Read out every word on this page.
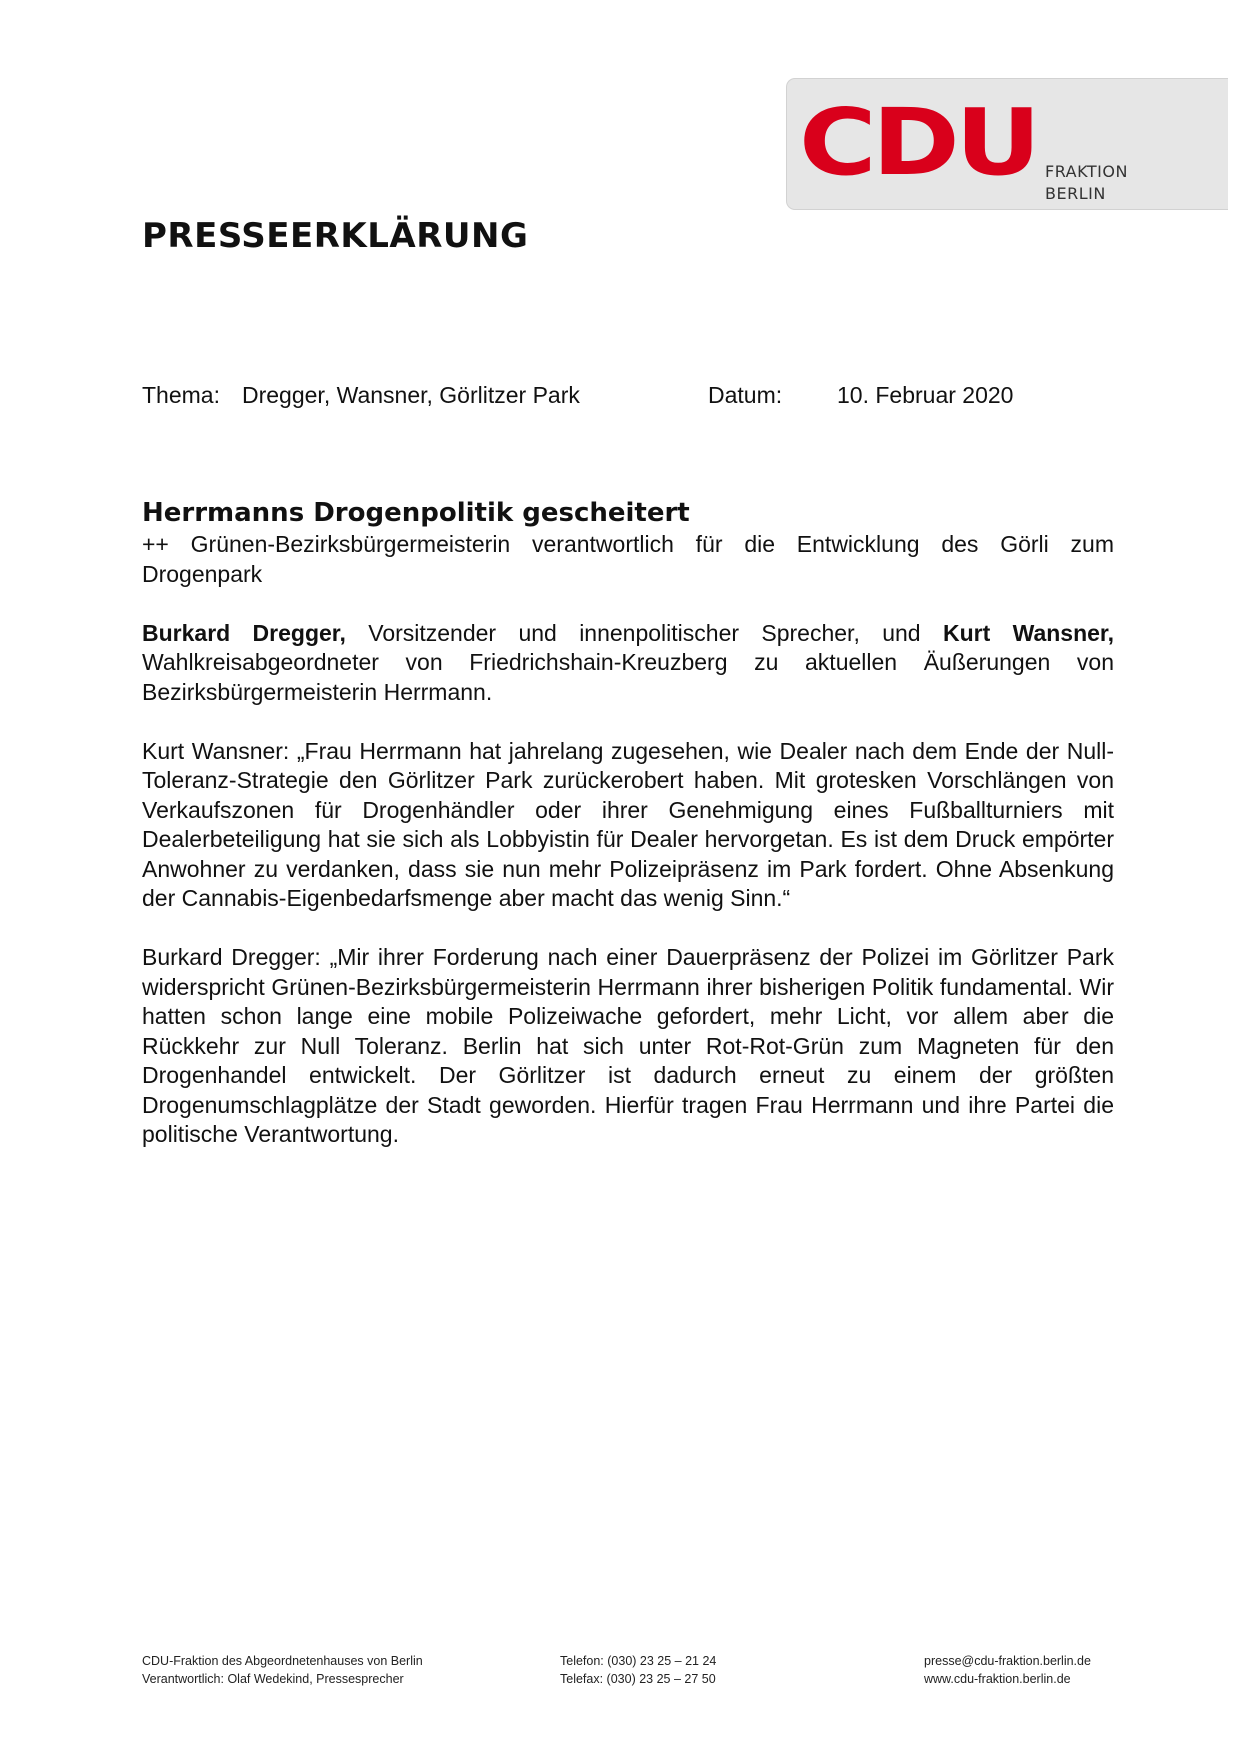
CDU FRAKTION
BERLIN
PRESSEERKLÄRUNG
Thema: Dregger, Wansner, Görlitzer Park	Datum: 10. Februar 2020
Herrmanns Drogenpolitik gescheitert

++ Grünen-Bezirksbürgermeisterin verantwortlich für die Entwicklung des Görli zum Drogenpark

Burkard Dregger, Vorsitzender und innenpolitischer Sprecher, und Kurt Wansner, Wahlkreisabgeordneter von Friedrichshain-Kreuzberg zu aktuellen Äußerungen von Bezirksbürgermeisterin Herrmann.

Kurt Wansner: „Frau Herrmann hat jahrelang zugesehen, wie Dealer nach dem Ende der Null-Toleranz-Strategie den Görlitzer Park zurückerobert haben. Mit grotesken Vorschlängen von Verkaufszonen für Drogenhändler oder ihrer Genehmigung eines Fußballturniers mit Dealerbeteiligung hat sie sich als Lobbyistin für Dealer hervorgetan. Es ist dem Druck empörter Anwohner zu verdanken, dass sie nun mehr Polizeipräsenz im Park fordert. Ohne Absenkung der Cannabis-Eigenbedarfsmenge aber macht das wenig Sinn.“

Burkard Dregger: „Mir ihrer Forderung nach einer Dauerpräsenz der Polizei im Görlitzer Park widerspricht Grünen-Bezirksbürgermeisterin Herrmann ihrer bisherigen Politik fundamental. Wir hatten schon lange eine mobile Polizeiwache gefordert, mehr Licht, vor allem aber die Rückkehr zur Null Toleranz. Berlin hat sich unter Rot-Rot-Grün zum Magneten für den Drogenhandel entwickelt. Der Görlitzer ist dadurch erneut zu einem der größten Drogenumschlagplätze der Stadt geworden. Hierfür tragen Frau Herrmann und ihre Partei die politische Verantwortung.

CDU-Fraktion des Abgeordnetenhauses von Berlin
Verantwortlich: Olaf Wedekind, Pressesprecher
Telefon: (030) 23 25 – 21 24
Telefax: (030) 23 25 – 27 50
presse@cdu-fraktion.berlin.de
www.cdu-fraktion.berlin.de
